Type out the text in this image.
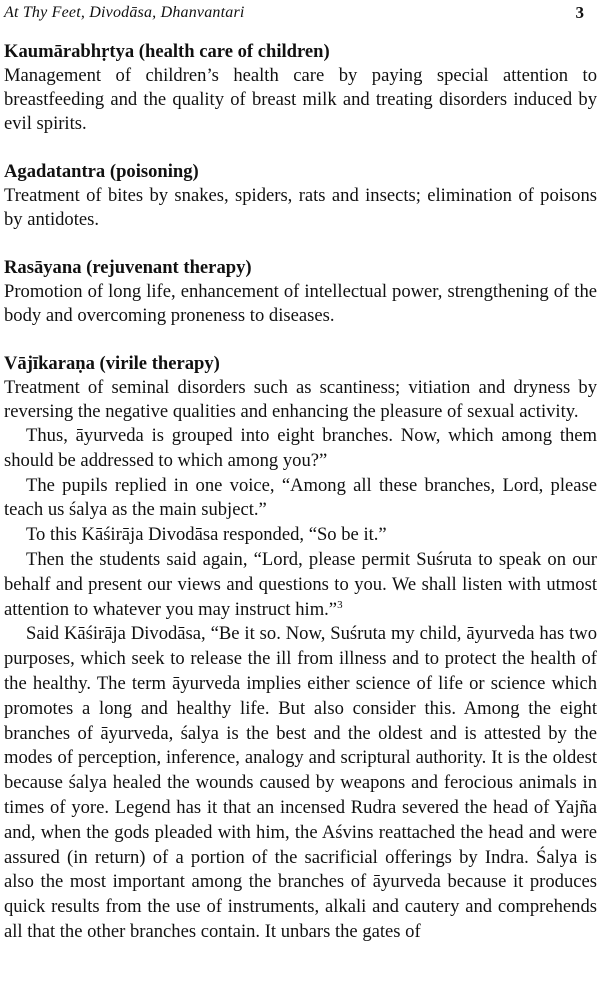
At Thy Feet, Divodāsa, Dhanvantari	3
Kaumārabhṛtya (health care of children)
Management of children’s health care by paying special attention to breastfeeding and the quality of breast milk and treating disorders induced by evil spirits.
Agadatantra (poisoning)
Treatment of bites by snakes, spiders, rats and insects; elimination of poisons by antidotes.
Rasāyana (rejuvenant therapy)
Promotion of long life, enhancement of intellectual power, strengthening of the body and overcoming proneness to diseases.
Vājīkaraṇa (virile therapy)
Treatment of seminal disorders such as scantiness; vitiation and dryness by reversing the negative qualities and enhancing the pleasure of sexual activity.

Thus, āyurveda is grouped into eight branches. Now, which among them should be addressed to which among you?”

The pupils replied in one voice, “Among all these branches, Lord, please teach us śalya as the main subject.”

To this Kāśirāja Divodāsa responded, “So be it.”

Then the students said again, “Lord, please permit Suśruta to speak on our behalf and present our views and questions to you. We shall listen with utmost attention to whatever you may instruct him.”$^3$

Said Kāśirāja Divodāsa, “Be it so. Now, Suśruta my child, āyurveda has two purposes, which seek to release the ill from illness and to protect the health of the healthy. The term āyurveda implies either science of life or science which promotes a long and healthy life. But also consider this. Among the eight branches of āyurveda, śalya is the best and the oldest and is attested by the modes of perception, inference, analogy and scriptural authority. It is the oldest because śalya healed the wounds caused by weapons and ferocious animals in times of yore. Legend has it that an incensed Rudra severed the head of Yajña and, when the gods pleaded with him, the Aśvins reattached the head and were assured (in return) of a portion of the sacrificial offerings by Indra. Śalya is also the most important among the branches of āyurveda because it produces quick results from the use of instruments, alkali and cautery and comprehends all that the other branches contain. It unbars the gates of
